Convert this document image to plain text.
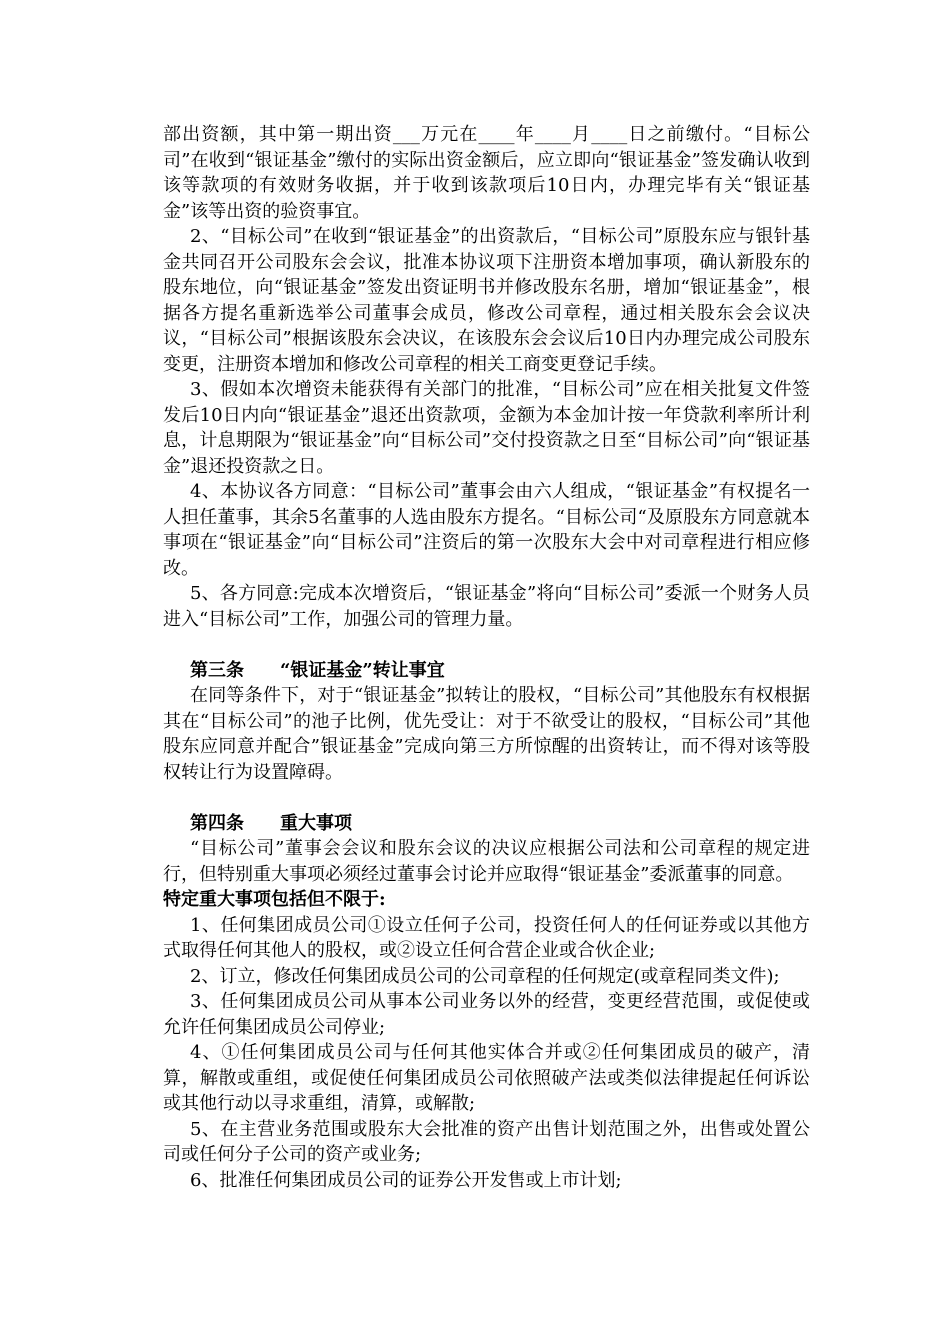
部出资额，其中第一期出资___万元在____年____月____日之前缴付。“目标公司”在收到“银证基金”缴付的实际出资金额后，应立即向“银证基金”签发确认收到该等款项的有效财务收据，并于收到该款项后10日内，办理完毕有关“银证基金”该等出资的验资事宜。

2、“目标公司”在收到“银证基金”的出资款后，“目标公司”原股东应与银针基金共同召开公司股东会会议，批准本协议项下注册资本增加事项，确认新股东的股东地位，向“银证基金”签发出资证明书并修改股东名册，增加“银证基金”，根据各方提名重新选举公司董事会成员，修改公司章程，通过相关股东会会议决议，“目标公司”根据该股东会决议，在该股东会会议后10日内办理完成公司股东变更，注册资本增加和修改公司章程的相关工商变更登记手续。

3、假如本次增资未能获得有关部门的批准，“目标公司”应在相关批复文件签发后10日内向“银证基金”退还出资款项，金额为本金加计按一年贷款利率所计利息，计息期限为“银证基金”向“目标公司”交付投资款之日至“目标公司”向“银证基金”退还投资款之日。

4、本协议各方同意：“目标公司”董事会由六人组成，“银证基金”有权提名一人担任董事，其余5名董事的人选由股东方提名。“目标公司“及原股东方同意就本事项在“银证基金”向“目标公司”注资后的第一次股东大会中对司章程进行相应修改。

5、各方同意:完成本次增资后，“银证基金”将向“目标公司”委派一个财务人员进入“目标公司”工作，加强公司的管理力量。

第三条 “银证基金”转让事宜

在同等条件下，对于“银证基金”拟转让的股权，“目标公司”其他股东有权根据其在“目标公司”的池子比例，优先受让：对于不欲受让的股权，“目标公司”其他股东应同意并配合”银证基金”完成向第三方所惊醒的出资转让，而不得对该等股权转让行为设置障碍。

第四条 重大事项

“目标公司”董事会会议和股东会议的决议应根据公司法和公司章程的规定进行，但特别重大事项必须经过董事会讨论并应取得“银证基金”委派董事的同意。

特定重大事项包括但不限于:

1、任何集团成员公司①设立任何子公司，投资任何人的任何证券或以其他方式取得任何其他人的股权，或②设立任何合营企业或合伙企业;

2、订立，修改任何集团成员公司的公司章程的任何规定(或章程同类文件);

3、任何集团成员公司从事本公司业务以外的经营，变更经营范围，或促使或允许任何集团成员公司停业;

4、①任何集团成员公司与任何其他实体合并或②任何集团成员的破产，清算，解散或重组，或促使任何集团成员公司依照破产法或类似法律提起任何诉讼或其他行动以寻求重组，清算，或解散;

5、在主营业务范围或股东大会批准的资产出售计划范围之外，出售或处置公司或任何分子公司的资产或业务;

6、批准任何集团成员公司的证券公开发售或上市计划;
